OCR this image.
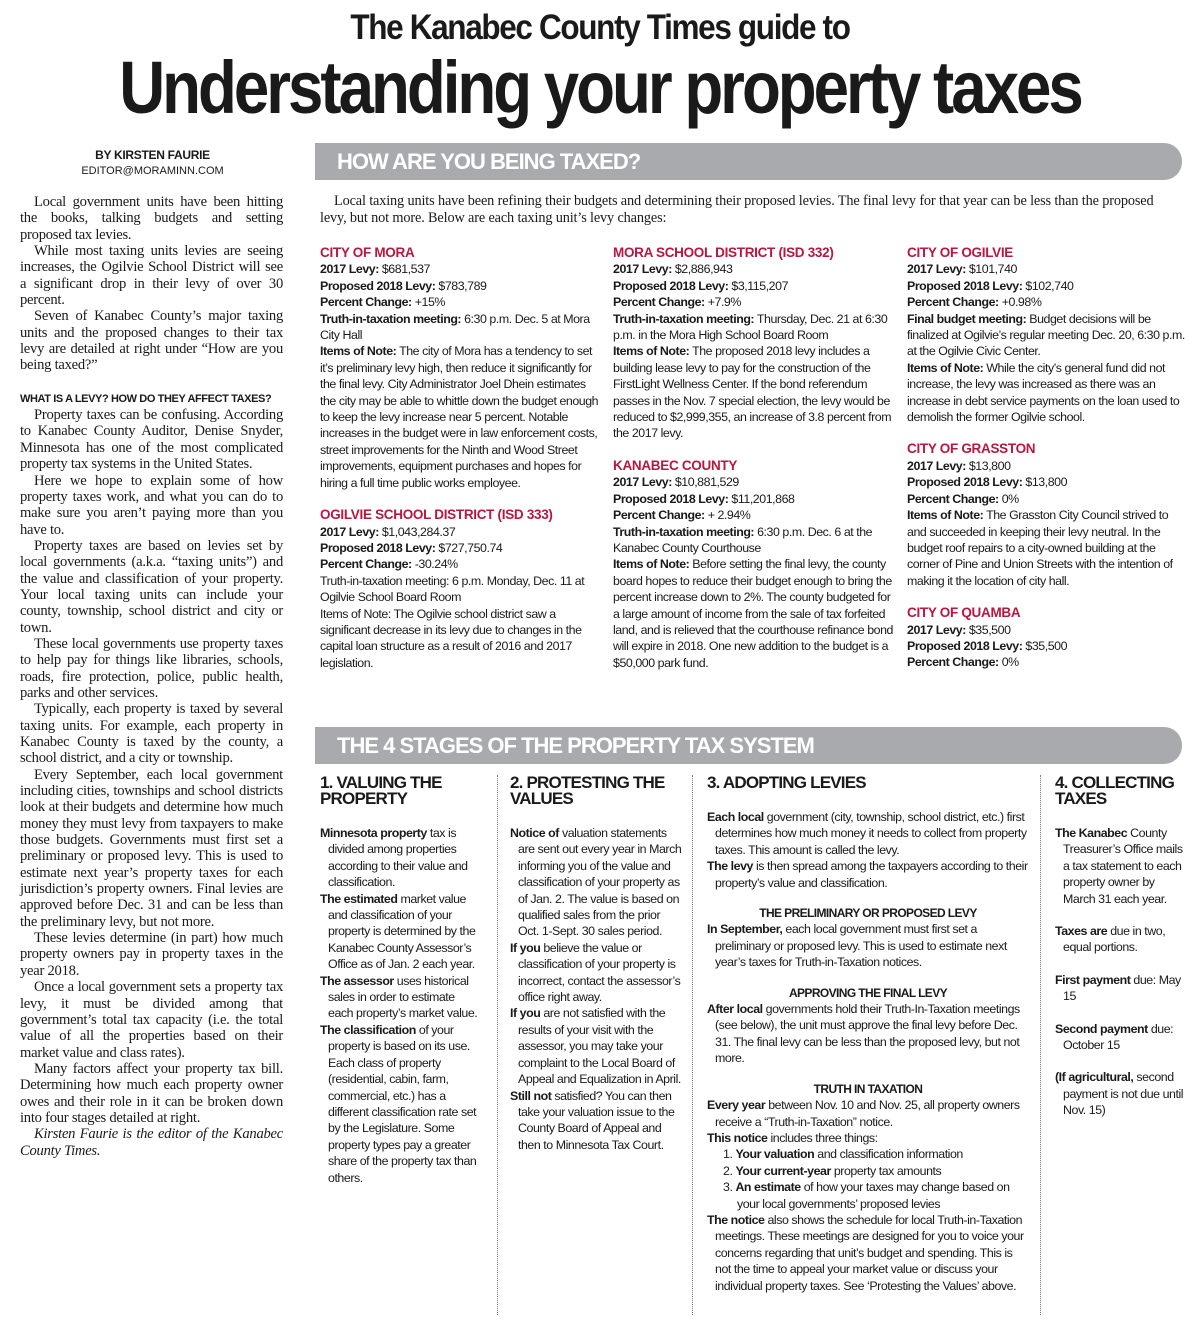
The Kanabec County Times guide to
Understanding your property taxes
BY KIRSTEN FAURIE
EDITOR@MORAMINN.COM

Local government units have been hitting the books, talking budgets and setting proposed tax levies.

While most taxing units levies are seeing increases, the Ogilvie School District will see a significant drop in their levy of over 30 percent.

Seven of Kanabec County’s major taxing units and the proposed changes to their tax levy are detailed at right under “How are you being taxed?”

WHAT IS A LEVY? HOW DO THEY AFFECT TAXES?

Property taxes can be confusing. According to Kanabec County Auditor, Denise Snyder, Minnesota has one of the most complicated property tax systems in the United States.

Here we hope to explain some of how property taxes work, and what you can do to make sure you aren’t paying more than you have to.

Property taxes are based on levies set by local governments (a.k.a. “taxing units”) and the value and classification of your property. Your local taxing units can include your county, township, school district and city or town.

These local governments use property taxes to help pay for things like libraries, schools, roads, fire protection, police, public health, parks and other services.

Typically, each property is taxed by several taxing units. For example, each property in Kanabec County is taxed by the county, a school district, and a city or township.

Every September, each local government including cities, townships and school districts look at their budgets and determine how much money they must levy from taxpayers to make those budgets. Governments must first set a preliminary or proposed levy. This is used to estimate next year’s property taxes for each jurisdiction’s property owners. Final levies are approved before Dec. 31 and can be less than the preliminary levy, but not more.

These levies determine (in part) how much property owners pay in property taxes in the year 2018.

Once a local government sets a property tax levy, it must be divided among that government’s total tax capacity (i.e. the total value of all the properties based on their market value and class rates).

Many factors affect your property tax bill. Determining how much each property owner owes and their role in it can be broken down into four stages detailed at right.

Kirsten Faurie is the editor of the Kanabec County Times.

HOW ARE YOU BEING TAXED?
Local taxing units have been refining their budgets and determining their proposed levies. The final levy for that year can be less than the proposed levy, but not more. Below are each taxing unit’s levy changes:
CITY OF MORA
2017 Levy: $681,537
Proposed 2018 Levy: $783,789
Percent Change: +15%
Truth-in-taxation meeting: 6:30 p.m. Dec. 5 at Mora City Hall
Items of Note: The city of Mora has a tendency to set it’s preliminary levy high, then reduce it significantly for the final levy. City Administrator Joel Dhein estimates the city may be able to whittle down the budget enough to keep the levy increase near 5 percent. Notable increases in the budget were in law enforcement costs, street improvements for the Ninth and Wood Street improvements, equipment purchases and hopes for hiring a full time public works employee.
OGILVIE SCHOOL DISTRICT (ISD 333)
2017 Levy: $1,043,284.37
Proposed 2018 Levy: $727,750.74
Percent Change: -30.24%
Truth-in-taxation meeting: 6 p.m. Monday, Dec. 11 at Ogilvie School Board Room
Items of Note: The Ogilvie school district saw a significant decrease in its levy due to changes in the capital loan structure as a result of 2016 and 2017 legislation.
MORA SCHOOL DISTRICT (ISD 332)
2017 Levy: $2,886,943
Proposed 2018 Levy: $3,115,207
Percent Change: +7.9%
Truth-in-taxation meeting: Thursday, Dec. 21 at 6:30 p.m. in the Mora High School Board Room
Items of Note: The proposed 2018 levy includes a building lease levy to pay for the construction of the FirstLight Wellness Center. If the bond referendum passes in the Nov. 7 special election, the levy would be reduced to $2,999,355, an increase of 3.8 percent from the 2017 levy.
KANABEC COUNTY
2017 Levy: $10,881,529
Proposed 2018 Levy: $11,201,868
Percent Change: + 2.94%
Truth-in-taxation meeting: 6:30 p.m. Dec. 6 at the Kanabec County Courthouse
Items of Note: Before setting the final levy, the county board hopes to reduce their budget enough to bring the percent increase down to 2%. The county budgeted for a large amount of income from the sale of tax forfeited land, and is relieved that the courthouse refinance bond will expire in 2018. One new addition to the budget is a $50,000 park fund.
CITY OF OGILVIE
2017 Levy: $101,740
Proposed 2018 Levy: $102,740
Percent Change: +0.98%
Final budget meeting: Budget decisions will be finalized at Ogilvie’s regular meeting Dec. 20, 6:30 p.m. at the Ogilvie Civic Center.
Items of Note: While the city’s general fund did not increase, the levy was increased as there was an increase in debt service payments on the loan used to demolish the former Ogilvie school.
CITY OF GRASSTON
2017 Levy: $13,800
Proposed 2018 Levy: $13,800
Percent Change: 0%
Items of Note: The Grasston City Council strived to and succeeded in keeping their levy neutral. In the budget roof repairs to a city-owned building at the corner of Pine and Union Streets with the intention of making it the location of city hall.
CITY OF QUAMBA
2017 Levy: $35,500
Proposed 2018 Levy: $35,500
Percent Change: 0%
THE 4 STAGES OF THE PROPERTY TAX SYSTEM
1. VALUING THE PROPERTY

Minnesota property tax is divided among properties according to their value and classification.

The estimated market value and classification of your property is determined by the Kanabec County Assessor’s Office as of Jan. 2 each year.

The assessor uses historical sales in order to estimate each property’s market value.

The classification of your property is based on its use. Each class of property (residential, cabin, farm, commercial, etc.) has a different classification rate set by the Legislature. Some property types pay a greater share of the property tax than others.

2. PROTESTING THE VALUES

Notice of valuation statements are sent out every year in March informing you of the value and classification of your property as of Jan. 2. The value is based on qualified sales from the prior Oct. 1-Sept. 30 sales period.

If you believe the value or classification of your property is incorrect, contact the assessor’s office right away.

If you are not satisfied with the results of your visit with the assessor, you may take your complaint to the Local Board of Appeal and Equalization in April.

Still not satisfied? You can then take your valuation issue to the County Board of Appeal and then to Minnesota Tax Court.

3. ADOPTING LEVIES

Each local government (city, township, school district, etc.) first determines how much money it needs to collect from property taxes. This amount is called the levy.

The levy is then spread among the taxpayers according to their property’s value and classification.

THE PRELIMINARY OR PROPOSED LEVY

In September, each local government must first set a preliminary or proposed levy. This is used to estimate next year’s taxes for Truth-in-Taxation notices.

APPROVING THE FINAL LEVY

After local governments hold their Truth-In-Taxation meetings (see below), the unit must approve the final levy before Dec. 31. The final levy can be less than the proposed levy, but not more.

TRUTH IN TAXATION

Every year between Nov. 10 and Nov. 25, all property owners receive a “Truth-in-Taxation” notice.

This notice includes three things:

1. Your valuation and classification information
2. Your current-year property tax amounts
3. An estimate of how your taxes may change based on your local governments’ proposed levies

The notice also shows the schedule for local Truth-in-Taxation meetings. These meetings are designed for you to voice your concerns regarding that unit’s budget and spending. This is not the time to appeal your market value or discuss your individual property taxes. See ‘Protesting the Values’ above.

4. COLLECTING TAXES

The Kanabec County Treasurer’s Office mails a tax statement to each property owner by March 31 each year.

Taxes are due in two, equal portions.

First payment due: May 15

Second payment due: October 15

(If agricultural, second payment is not due until Nov. 15)
